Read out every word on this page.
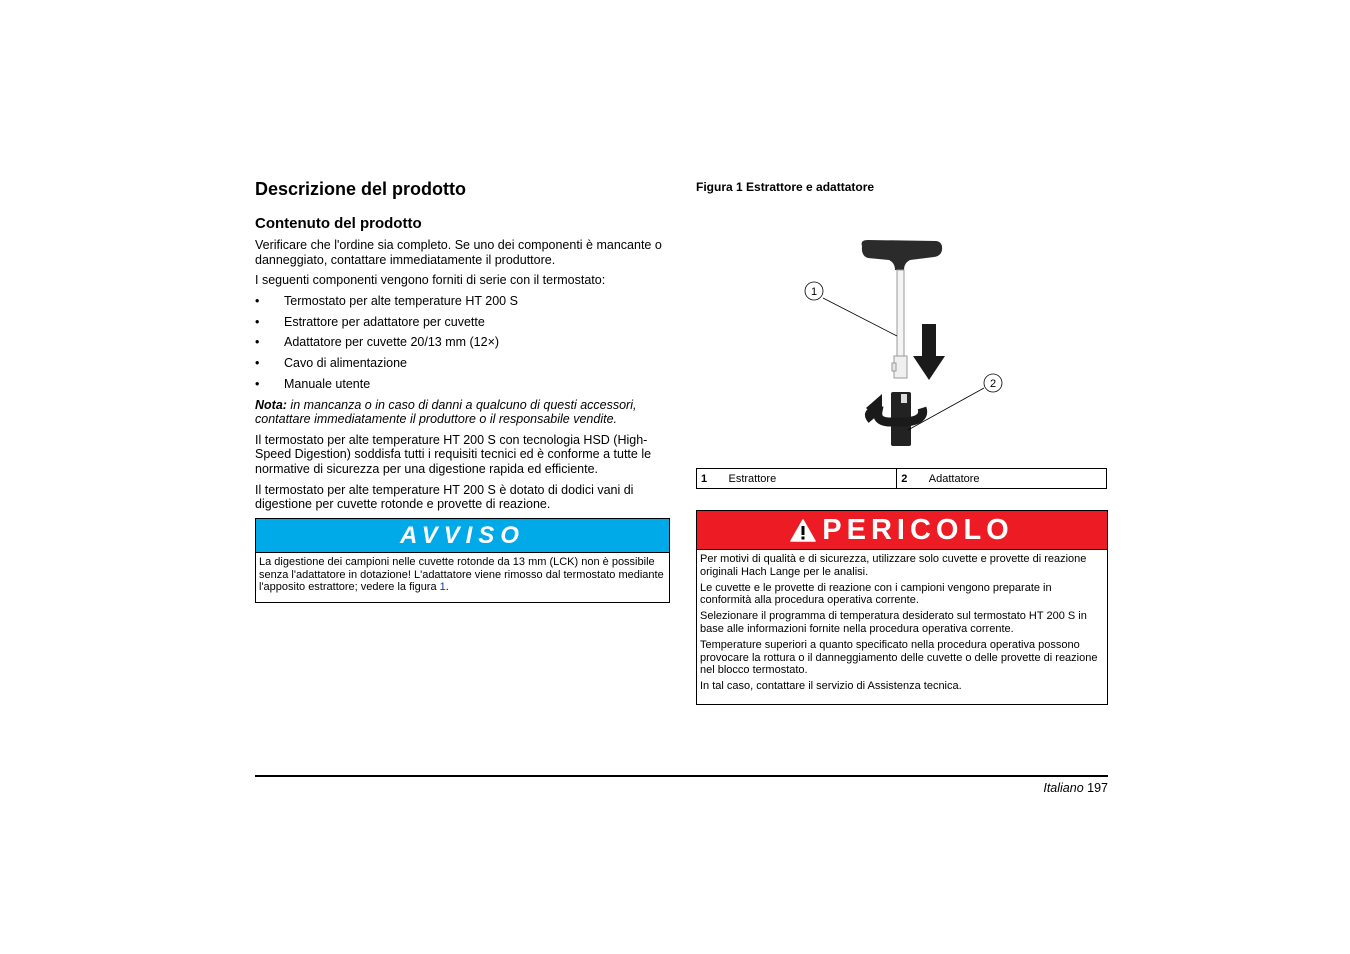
Descrizione del prodotto
Contenuto del prodotto

Verificare che l'ordine sia completo. Se uno dei componenti è mancante o danneggiato, contattare immediatamente il produttore.

I seguenti componenti vengono forniti di serie con il termostato:

• Termostato per alte temperature HT 200 S
• Estrattore per adattatore per cuvette
• Adattatore per cuvette 20/13 mm (12×)
• Cavo di alimentazione
• Manuale utente

Nota: in mancanza o in caso di danni a qualcuno di questi accessori, contattare immediatamente il produttore o il responsabile vendite.

Il termostato per alte temperature HT 200 S con tecnologia HSD (High-Speed Digestion) soddisfa tutti i requisiti tecnici ed è conforme a tutte le normative di sicurezza per una digestione rapida ed efficiente.

Il termostato per alte temperature HT 200 S è dotato di dodici vani di digestione per cuvette rotonde e provette di reazione.

AVVISO
La digestione dei campioni nelle cuvette rotonde da 13 mm (LCK) non è possibile senza l'adattatore in dotazione! L'adattatore viene rimosso dal termostato mediante l'apposito estrattore; vedere la figura 1.
Figura 1 Estrattore e adattatore
1
2
1	Estrattore	2	Adattatore
PERICOLO

Per motivi di qualità e di sicurezza, utilizzare solo cuvette e provette di reazione originali Hach Lange per le analisi.

Le cuvette e le provette di reazione con i campioni vengono preparate in conformità alla procedura operativa corrente.

Selezionare il programma di temperatura desiderato sul termostato HT 200 S in base alle informazioni fornite nella procedura operativa corrente.

Temperature superiori a quanto specificato nella procedura operativa possono provocare la rottura o il danneggiamento delle cuvette o delle provette di reazione nel blocco termostato.

In tal caso, contattare il servizio di Assistenza tecnica.

Italiano 197
